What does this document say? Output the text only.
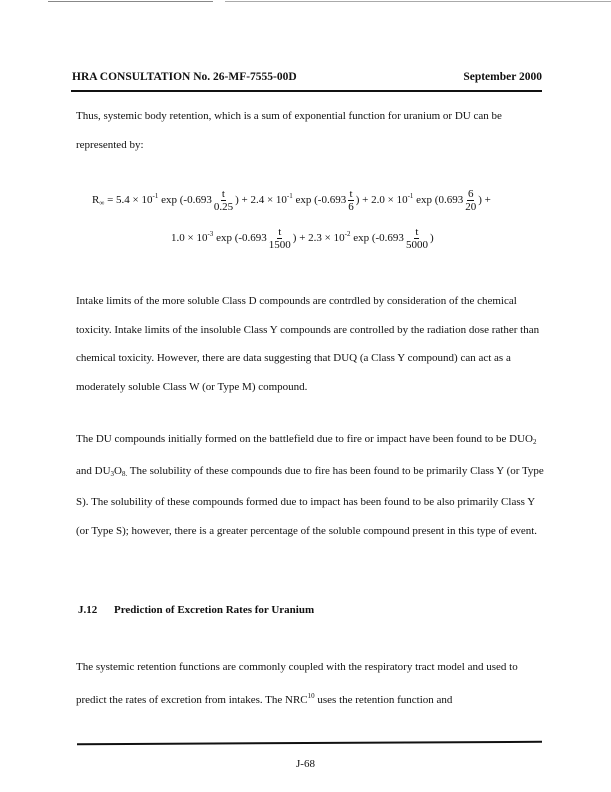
HRA CONSULTATION No. 26-MF-7555-00D	September 2000

Thus, systemic body retention, which is a sum of exponential function for uranium or DU can be represented by:

$R_\infty = 5.4 \times 10^{-1}$ $\exp (-0.693 \frac{t}{0.25}$ ) + $2.4 \times 10^{-1}$ $\exp (-0.693 \frac{t}{6}$ ) + $2.0 \times 10^{-1}$ $\exp (0.693 \frac{6}{20}$ ) +
$1.0 \times 10^{-3}$ $\exp (-0.693 \frac{t}{1500}$ ) + $2.3 \times 10^{-2}$ $\exp (-0.693 \frac{t}{5000}$ )

Intake limits of the more soluble Class D compounds are contrdled by consideration of the chemical toxicity. Intake limits of the insoluble Class Y compounds are controlled by the radiation dose rather than chemical toxicity. However, there are data suggesting that DUQ (a Class Y compound) can act as a moderately soluble Class W (or Type M) compound.

The DU compounds initially formed on the battlefield due to fire or impact have been found to be $DUO_2$ and $DU_3O_{8.}$ The solubility of these compounds due to fire has been found to be primarily Class Y (or Type S). The solubility of these compounds formed due to impact has been found to be also primarily Class Y (or Type S); however, there is a greater percentage of the soluble compound present in this type of event.

J.12 Prediction of Excretion Rates for Uranium

The systemic retention functions are commonly coupled with the respiratory tract model and used to predict the rates of excretion from intakes. The NRC$^{10}$ uses the retention function and

J-68
